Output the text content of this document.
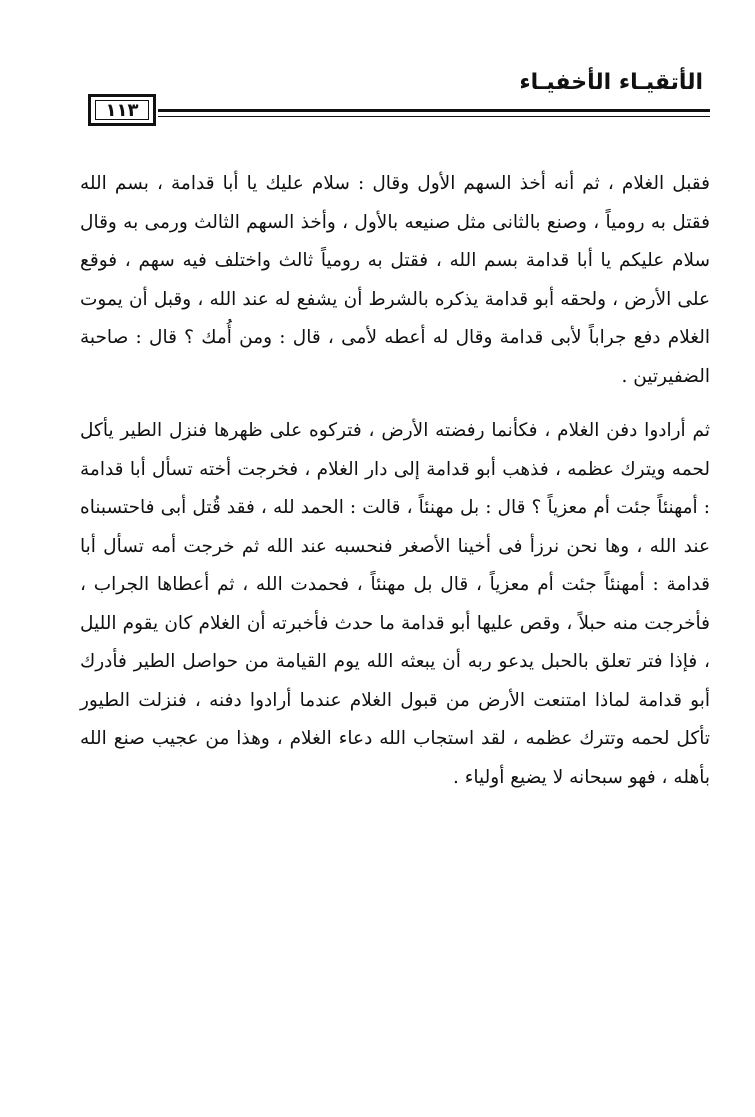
الأتقيـاء الأخفيـاء
١١٣

فقبل الغلام ، ثم أنه أخذ السهم الأول وقال : سلام عليك يا أبا قدامة ، بسم الله فقتل به رومياً ، وصنع بالثانى مثل صنيعه بالأول ، وأخذ السهم الثالث ورمى به وقال سلام عليكم يا أبا قدامة بسم الله ، فقتل به رومياً ثالث واختلف فيه سهم ، فوقع على الأرض ، ولحقه أبو قدامة يذكره بالشرط أن يشفع له عند الله ، وقبل أن يموت الغلام دفع جراباً لأبى قدامة وقال له أعطه لأمى ، قال : ومن أُمك ؟ قال : صاحبة الضفيرتين .

ثم أرادوا دفن الغلام ، فكأنما رفضته الأرض ، فتركوه على ظهرها فنزل الطير يأكل لحمه ويترك عظمه ، فذهب أبو قدامة إلى دار الغلام ، فخرجت أخته تسأل أبا قدامة : أمهنئاً جئت أم معزياً ؟ قال : بل مهنئاً ، قالت : الحمد لله ، فقد قُتل أبى فاحتسبناه عند الله ، وها نحن نرزأ فى أخينا الأصغر فنحسبه عند الله ثم خرجت أمه تسأل أبا قدامة : أمهنئاً جئت أم معزياً ، قال بل مهنئاً ، فحمدت الله ، ثم أعطاها الجراب ، فأخرجت منه حبلاً ، وقص عليها أبو قدامة ما حدث فأخبرته أن الغلام كان يقوم الليل ، فإذا فتر تعلق بالحبل يدعو ربه أن يبعثه الله يوم القيامة من حواصل الطير فأدرك أبو قدامة لماذا امتنعت الأرض من قبول الغلام عندما أرادوا دفنه ، فنزلت الطيور تأكل لحمه وتترك عظمه ، لقد استجاب الله دعاء الغلام ، وهذا من عجيب صنع الله بأهله ، فهو سبحانه لا يضيع أولياء .
